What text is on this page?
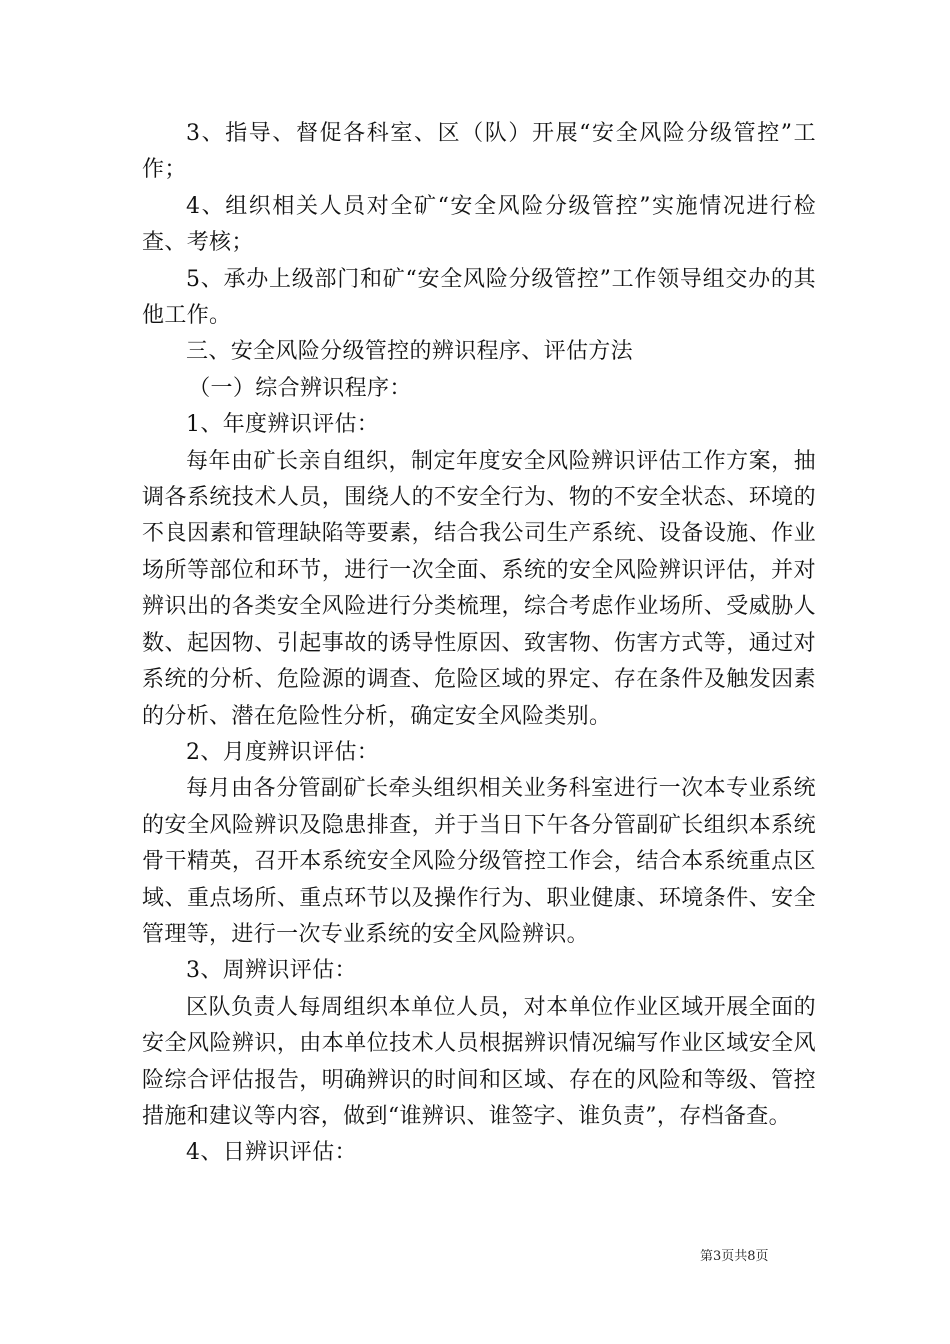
3、指导、督促各科室、区（队）开展“安全风险分级管控”工作；

4、组织相关人员对全矿“安全风险分级管控”实施情况进行检查、考核；

5、承办上级部门和矿“安全风险分级管控”工作领导组交办的其他工作。

三、安全风险分级管控的辨识程序、评估方法

（一）综合辨识程序：

1、年度辨识评估：

每年由矿长亲自组织，制定年度安全风险辨识评估工作方案，抽调各系统技术人员，围绕人的不安全行为、物的不安全状态、环境的不良因素和管理缺陷等要素，结合我公司生产系统、设备设施、作业场所等部位和环节，进行一次全面、系统的安全风险辨识评估，并对辨识出的各类安全风险进行分类梳理，综合考虑作业场所、受威胁人数、起因物、引起事故的诱导性原因、致害物、伤害方式等，通过对系统的分析、危险源的调查、危险区域的界定、存在条件及触发因素的分析、潜在危险性分析，确定安全风险类别。

2、月度辨识评估：

每月由各分管副矿长牵头组织相关业务科室进行一次本专业系统的安全风险辨识及隐患排查，并于当日下午各分管副矿长组织本系统骨干精英，召开本系统安全风险分级管控工作会，结合本系统重点区域、重点场所、重点环节以及操作行为、职业健康、环境条件、安全管理等，进行一次专业系统的安全风险辨识。

3、周辨识评估：

区队负责人每周组织本单位人员，对本单位作业区域开展全面的安全风险辨识，由本单位技术人员根据辨识情况编写作业区域安全风险综合评估报告，明确辨识的时间和区域、存在的风险和等级、管控措施和建议等内容，做到“谁辨识、谁签字、谁负责”，存档备查。

4、日辨识评估：

第3页共8页
